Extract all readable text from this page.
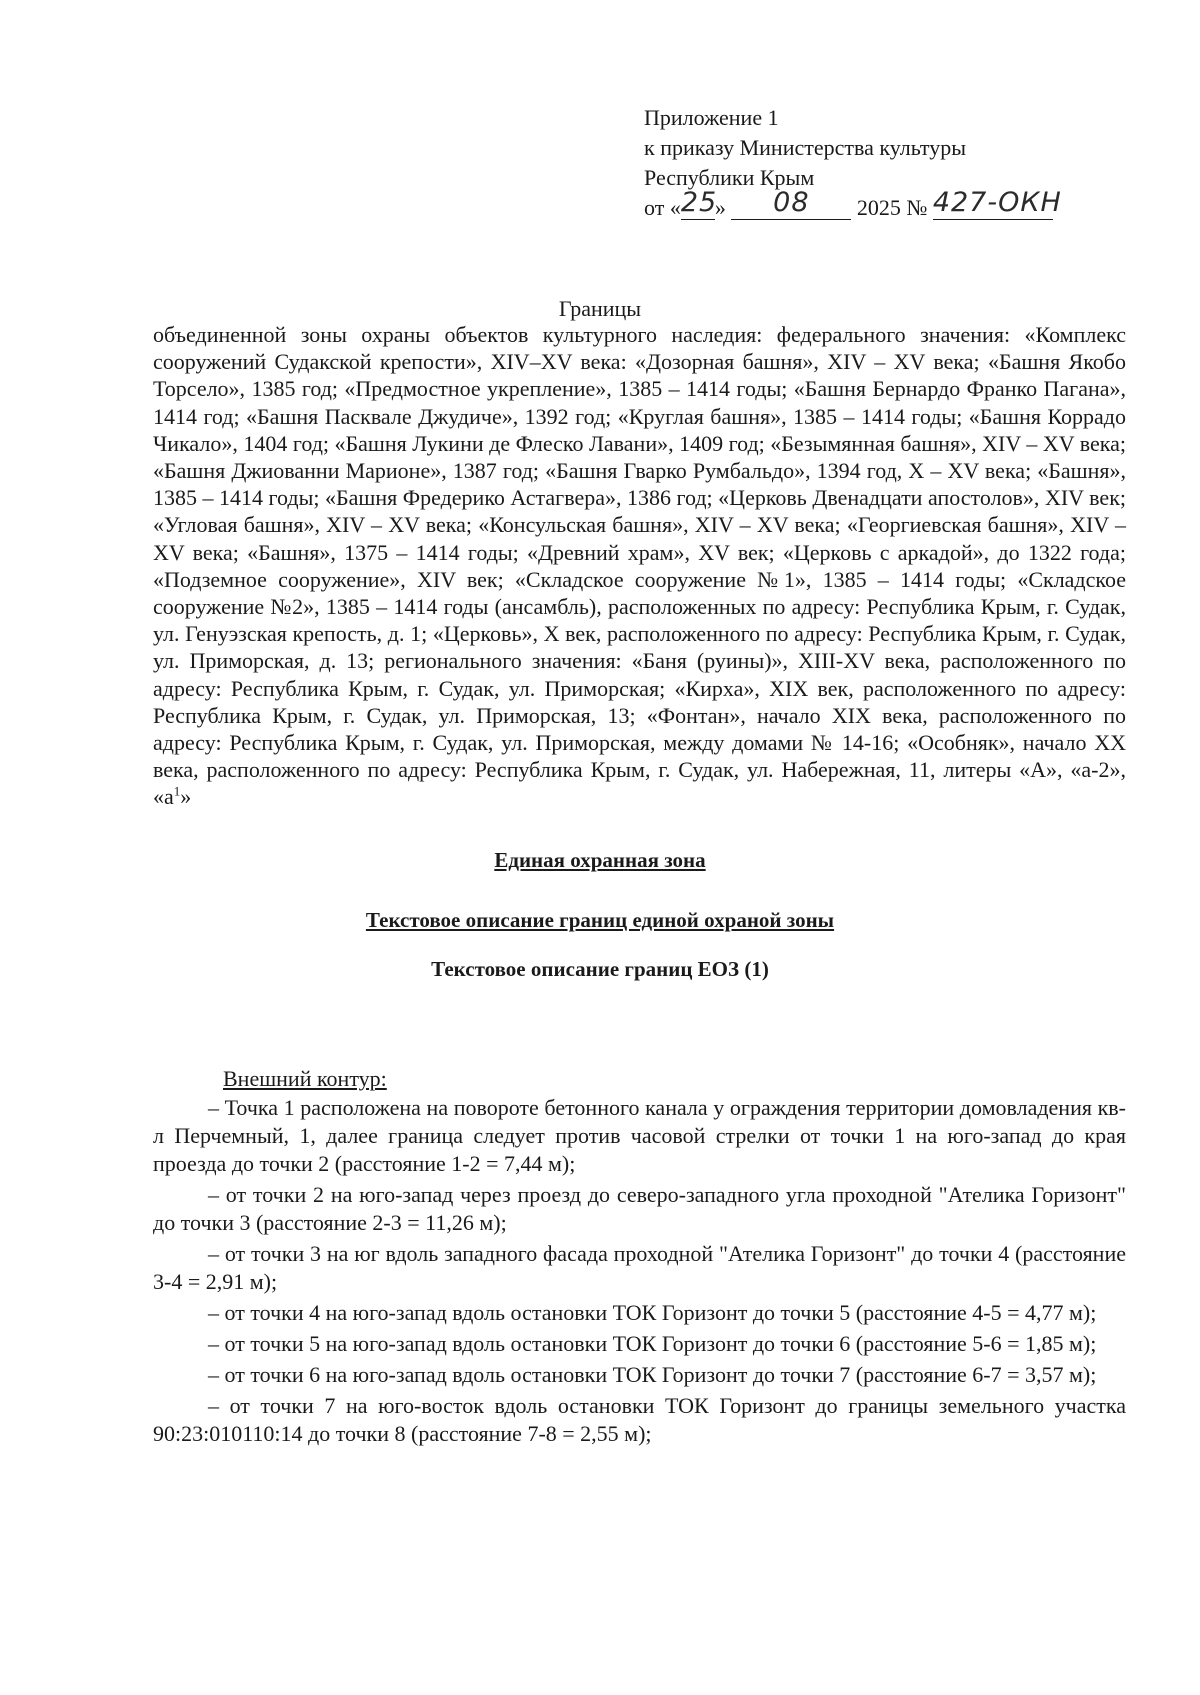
Приложение 1
к приказу Министерства культуры
Республики Крым
от «25» 08 2025 № 427-ОКН
Границы
объединенной зоны охраны объектов культурного наследия: федерального значения: «Комплекс сооружений Судакской крепости», XIV–XV века: «Дозорная башня», XIV – XV века; «Башня Якобо Торсело», 1385 год; «Предмостное укрепление», 1385 – 1414 годы; «Башня Бернардо Франко Пагана», 1414 год; «Башня Пасквале Джудиче», 1392 год; «Круглая башня», 1385 – 1414 годы; «Башня Коррадо Чикало», 1404 год; «Башня Лукини де Флеско Лавани», 1409 год; «Безымянная башня», XIV – XV века; «Башня Джиованни Марионе», 1387 год; «Башня Гварко Румбальдо», 1394 год, X – XV века; «Башня», 1385 – 1414 годы; «Башня Фредерико Астагвера», 1386 год; «Церковь Двенадцати апостолов», XIV век; «Угловая башня», XIV – XV века; «Консульская башня», XIV – XV века; «Георгиевская башня», XIV – XV века; «Башня», 1375 – 1414 годы; «Древний храм», XV век; «Церковь с аркадой», до 1322 года; «Подземное сооружение», XIV век; «Складское сооружение №1», 1385 – 1414 годы; «Складское сооружение №2», 1385 – 1414 годы (ансамбль), расположенных по адресу: Республика Крым, г. Судак, ул. Генуэзская крепость, д. 1; «Церковь», X век, расположенного по адресу: Республика Крым, г. Судак, ул. Приморская, д. 13; регионального значения: «Баня (руины)», XIII-XV века, расположенного по адресу: Республика Крым, г. Судак, ул. Приморская; «Кирха», XIX век, расположенного по адресу: Республика Крым, г. Судак, ул. Приморская, 13; «Фонтан», начало XIX века, расположенного по адресу: Республика Крым, г. Судак, ул. Приморская, между домами № 14-16; «Особняк», начало XX века, расположенного по адресу: Республика Крым, г. Судак, ул. Набережная, 11, литеры «А», «а-2», «$а^1$»
Единая охранная зона
Текстовое описание границ единой охраной зоны
Текстовое описание границ ЕОЗ (1)
Внешний контур:

– Точка 1 расположена на повороте бетонного канала у ограждения территории домовладения кв-л Перчемный, 1, далее граница следует против часовой стрелки от точки 1 на юго-запад до края проезда до точки 2 (расстояние 1-2 = 7,44 м);

– от точки 2 на юго-запад через проезд до северо-западного угла проходной "Ателика Горизонт" до точки 3 (расстояние 2-3 = 11,26 м);

– от точки 3 на юг вдоль западного фасада проходной "Ателика Горизонт" до точки 4 (расстояние 3-4 = 2,91 м);

– от точки 4 на юго-запад вдоль остановки ТОК Горизонт до точки 5 (расстояние 4-5 = 4,77 м);

– от точки 5 на юго-запад вдоль остановки ТОК Горизонт до точки 6 (расстояние 5-6 = 1,85 м);

– от точки 6 на юго-запад вдоль остановки ТОК Горизонт до точки 7 (расстояние 6-7 = 3,57 м);

– от точки 7 на юго-восток вдоль остановки ТОК Горизонт до границы земельного участка 90:23:010110:14 до точки 8 (расстояние 7-8 = 2,55 м);
